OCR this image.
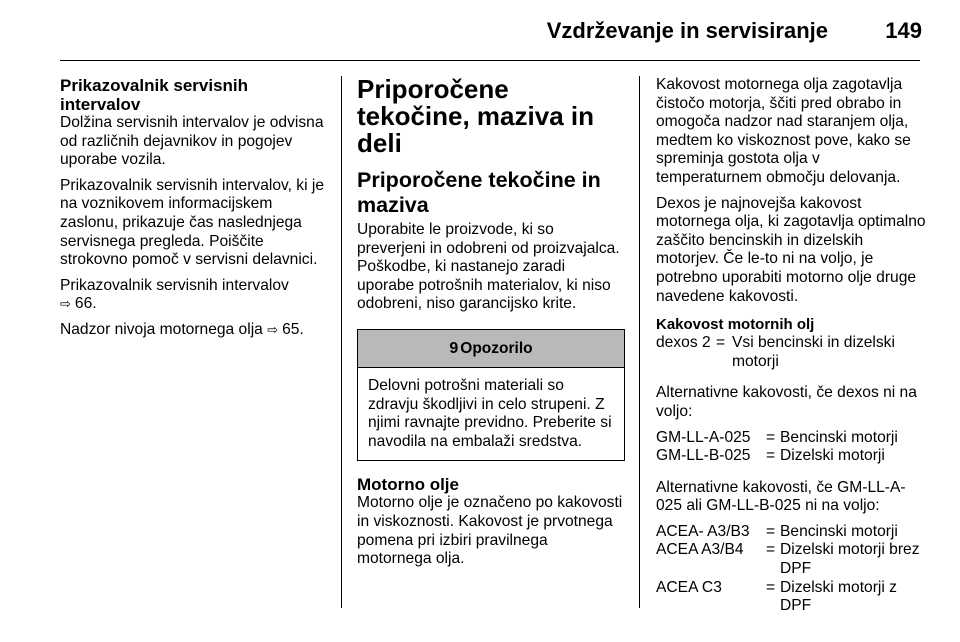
Vzdrževanje in servisiranje	149
Prikazovalnik servisnih intervalov

Dolžina servisnih intervalov je odvisna od različnih dejavnikov in pogojev uporabe vozila.

Prikazovalnik servisnih intervalov, ki je na voznikovem informacijskem zaslonu, prikazuje čas naslednjega servisnega pregleda. Poiščite strokovno pomoč v servisni delavnici.

Prikazovalnik servisnih intervalov
⇨ 66.

Nadzor nivoja motornega olja ⇨ 65.

Priporočene tekočine, maziva in deli
Priporočene tekočine in maziva

Uporabite le proizvode, ki so preverjeni in odobreni od proizvajalca. Poškodbe, ki nastanejo zaradi uporabe potrošnih materialov, ki niso odobreni, niso garancijsko krite.

9 Opozorilo
Delovni potrošni materiali so zdravju škodljivi in celo strupeni. Z njimi ravnajte previdno. Preberite si navodila na embalaži sredstva.
Motorno olje

Motorno olje je označeno po kakovosti in viskoznosti. Kakovost je prvotnega pomena pri izbiri pravilnega motornega olja.

Kakovost motornega olja zagotavlja čistočo motorja, ščiti pred obrabo in omogoča nadzor nad staranjem olja, medtem ko viskoznost pove, kako se spreminja gostota olja v temperaturnem območju delovanja.

Dexos je najnovejša kakovost motornega olja, ki zagotavlja optimalno zaščito bencinskih in dizelskih motorjev. Če le-to ni na voljo, je potrebno uporabiti motorno olje druge navedene kakovosti.

Kakovost motornih olj
dexos 2 = Vsi bencinski in dizelski motorji

Alternativne kakovosti, če dexos ni na voljo:

GM-LL-A-025 = Bencinski motorji
GM-LL-B-025 = Dizelski motorji

Alternativne kakovosti, če GM-LL-A-025 ali GM-LL-B-025 ni na voljo:

ACEA- A3/B3	= Bencinski motorji
ACEA A3/B4	= Dizelski motorji brez DPF
ACEA C3	= Dizelski motorji z DPF
